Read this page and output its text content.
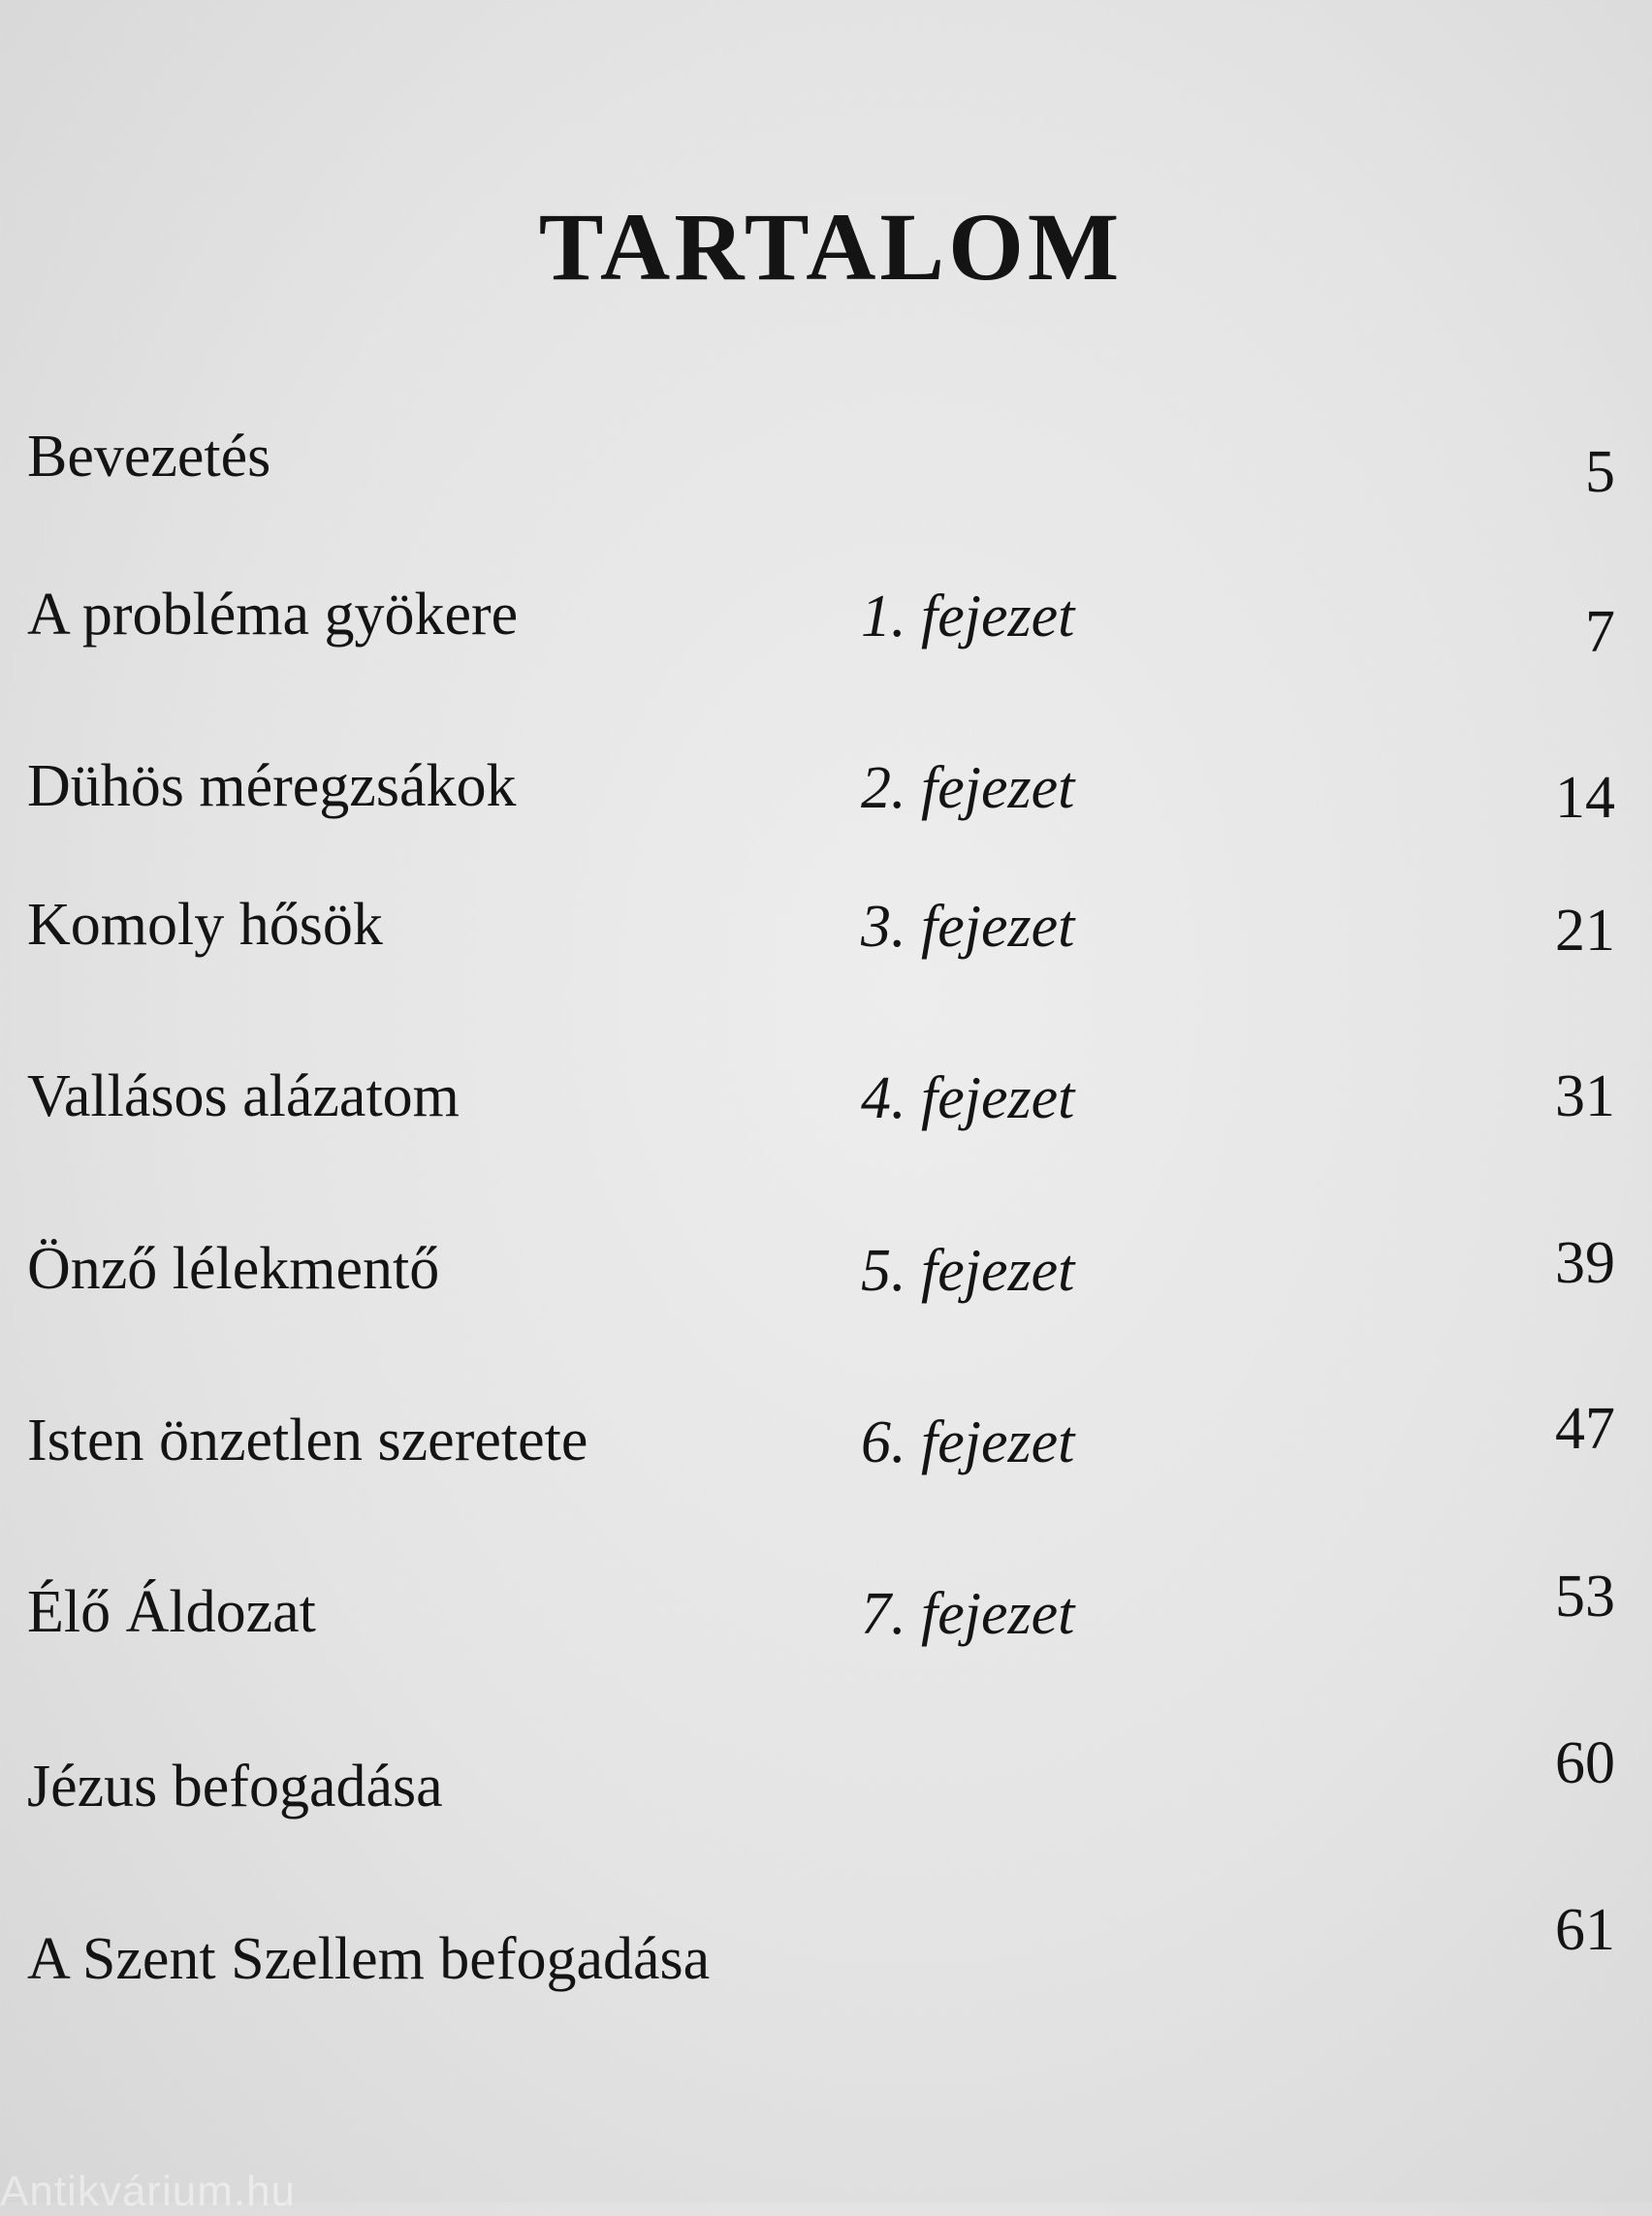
TARTALOM
Bevezetés	5
A probléma gyökere	1. fejezet	7
Dühös méregzsákok	2. fejezet	14
Komoly hősök	3. fejezet	21
Vallásos alázatom	4. fejezet	31
Önző lélekmentő	5. fejezet	39
Isten önzetlen szeretete	6. fejezet	47
Élő Áldozat	7. fejezet	53
Jézus befogadása	60
A Szent Szellem befogadása	61
Antikvárium.hu
